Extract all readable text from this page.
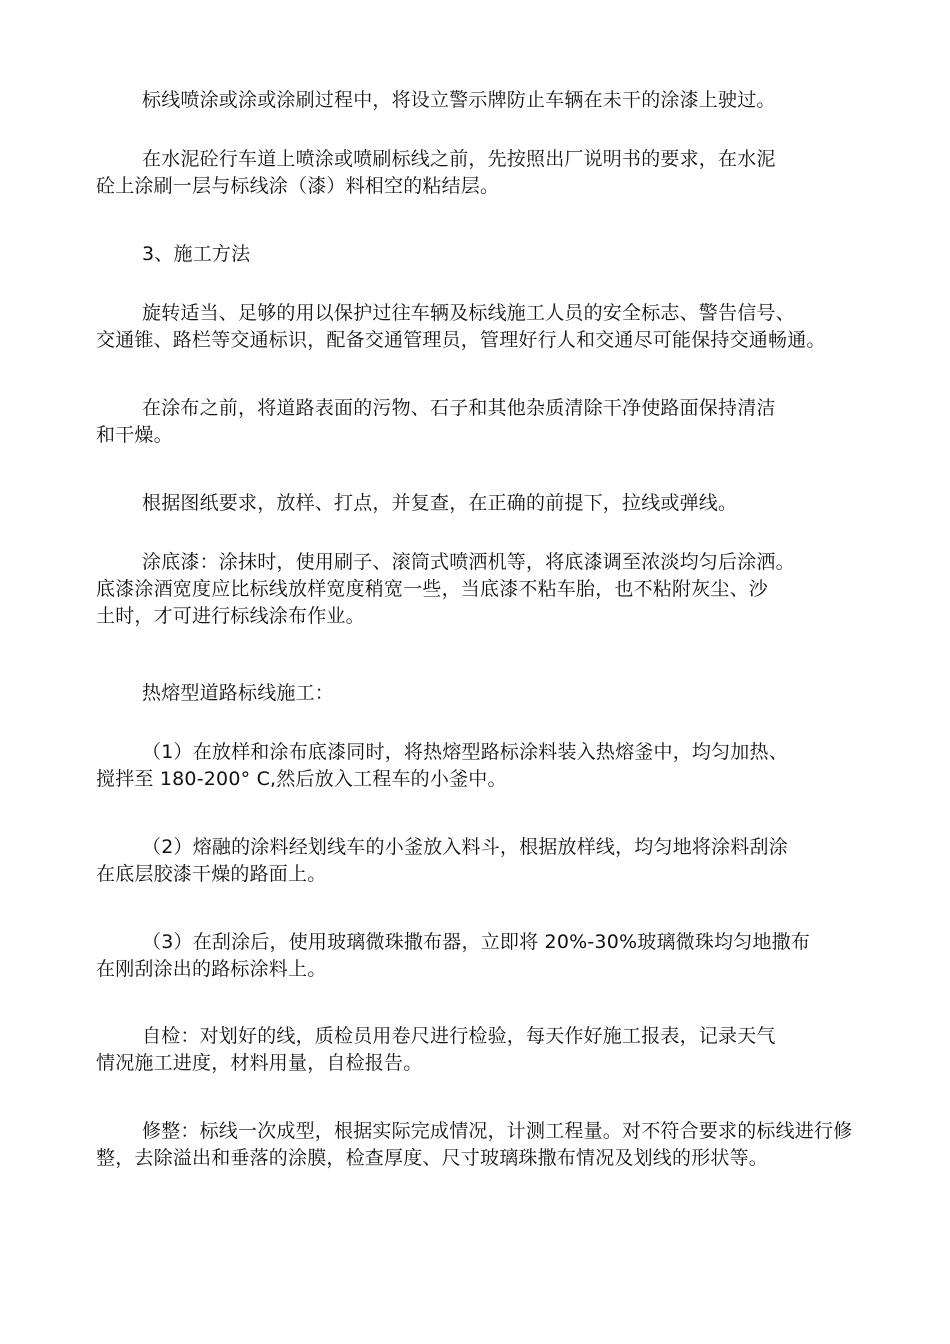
标线喷涂或涂或涂刷过程中，将设立警示牌防止车辆在未干的涂漆上驶过。
在水泥砼行车道上喷涂或喷刷标线之前，先按照出厂说明书的要求，在水泥
砼上涂刷一层与标线涂（漆）料相空的粘结层。
3、施工方法
旋转适当、足够的用以保护过往车辆及标线施工人员的安全标志、警告信号、
交通锥、路栏等交通标识，配备交通管理员，管理好行人和交通尽可能保持交通畅通。
在涂布之前，将道路表面的污物、石子和其他杂质清除干净使路面保持清洁
和干燥。
根据图纸要求，放样、打点，并复查，在正确的前提下，拉线或弹线。
涂底漆：涂抹时，使用刷子、滚筒式喷洒机等，将底漆调至浓淡均匀后涂洒。
底漆涂酒宽度应比标线放样宽度稍宽一些，当底漆不粘车胎，也不粘附灰尘、沙
土时，才可进行标线涂布作业。
热熔型道路标线施工：
（1）在放样和涂布底漆同时，将热熔型路标涂料装入热熔釜中，均匀加热、
搅拌至 180-200° C,然后放入工程车的小釜中。
（2）熔融的涂料经划线车的小釜放入料斗，根据放样线，均匀地将涂料刮涂
在底层胶漆干燥的路面上。
（3）在刮涂后，使用玻璃微珠撒布器，立即将 20%-30%玻璃微珠均匀地撒布
在刚刮涂出的路标涂料上。
自检：对划好的线，质检员用卷尺进行检验，每天作好施工报表，记录天气
情况施工进度，材料用量，自检报告。
修整：标线一次成型，根据实际完成情况，计测工程量。对不符合要求的标线进行修
整，去除溢出和垂落的涂膜，检查厚度、尺寸玻璃珠撒布情况及划线的形状等。
